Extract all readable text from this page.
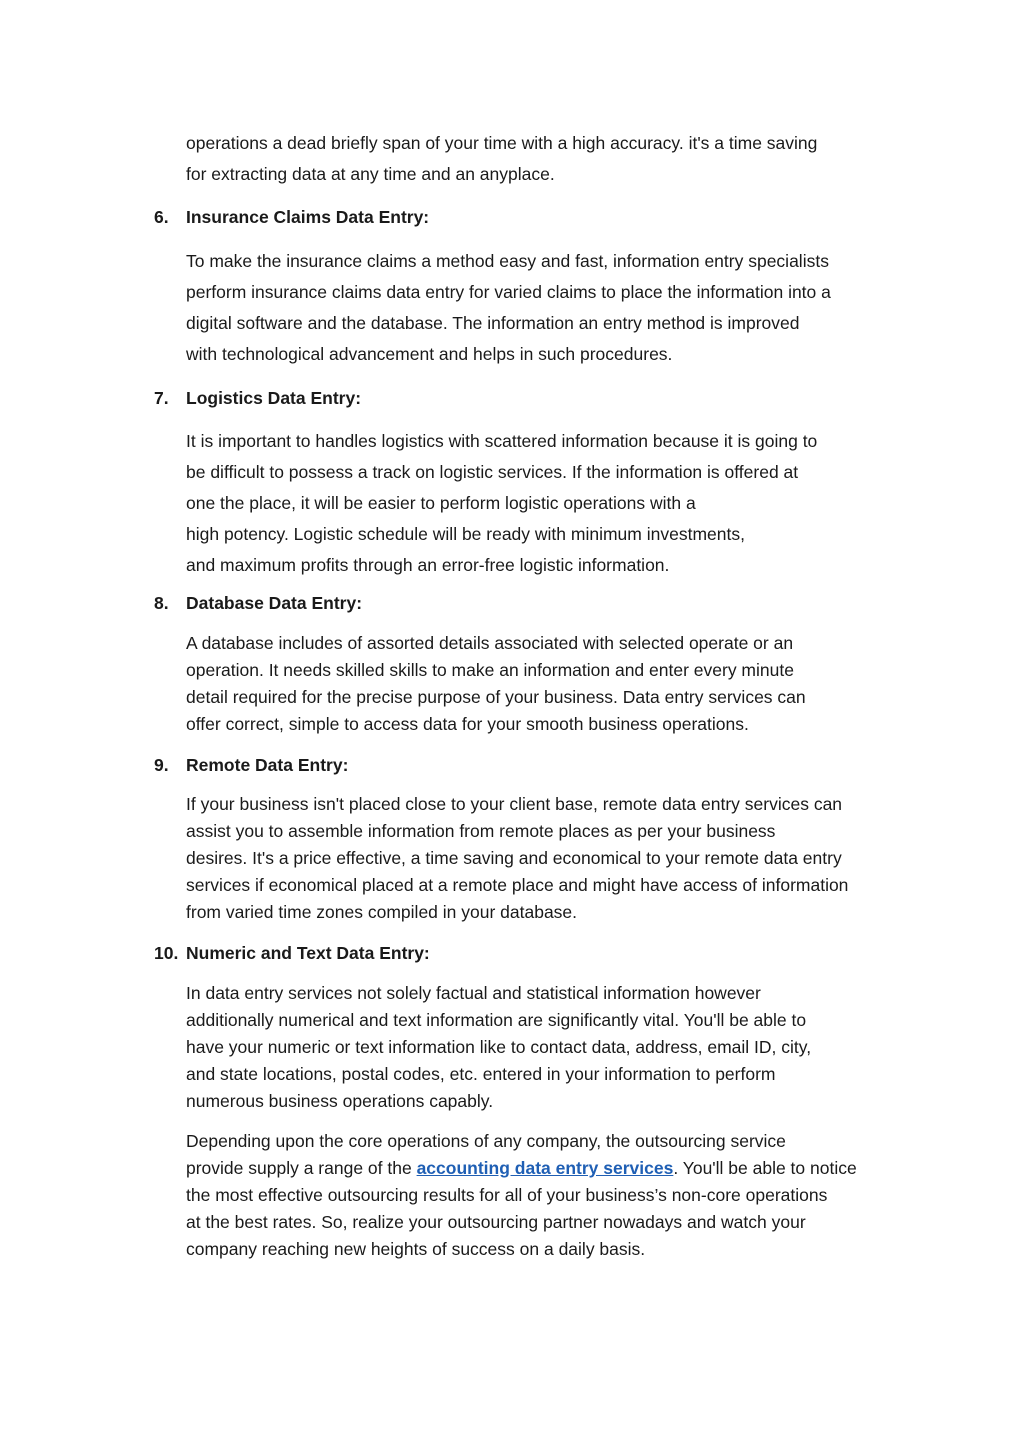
operations a dead briefly span of your time with a high accuracy. it's a time saving
for extracting data at any time and an anyplace.
6. Insurance Claims Data Entry:
To make the insurance claims a method easy and fast, information entry specialists
perform insurance claims data entry for varied claims to place the information into a
digital software and the database. The information an entry method is improved
with technological advancement and helps in such procedures.
7. Logistics Data Entry:
It is important to handles logistics with scattered information because it is going to
be difficult to possess a track on logistic services. If the information is offered at
one the place, it will be easier to perform logistic operations with a
high potency. Logistic schedule will be ready with minimum investments,
and maximum profits through an error-free logistic information.
8. Database Data Entry:
A database includes of assorted details associated with selected operate or an
operation. It needs skilled skills to make an information and enter every minute
detail required for the precise purpose of your business. Data entry services can
offer correct, simple to access data for your smooth business operations.
9. Remote Data Entry:
If your business isn't placed close to your client base, remote data entry services can
assist you to assemble information from remote places as per your business
desires. It's a price effective, a time saving and economical to your remote data entry
services if economical placed at a remote place and might have access of information
from varied time zones compiled in your database.
10. Numeric and Text Data Entry:
In data entry services not solely factual and statistical information however
additionally numerical and text information are significantly vital. You'll be able to
have your numeric or text information like to contact data, address, email ID, city,
and state locations, postal codes, etc. entered in your information to perform
numerous business operations capably.
Depending upon the core operations of any company, the outsourcing service
provide supply a range of the accounting data entry services. You'll be able to notice
the most effective outsourcing results for all of your business’s non-core operations
at the best rates. So, realize your outsourcing partner nowadays and watch your
company reaching new heights of success on a daily basis.
